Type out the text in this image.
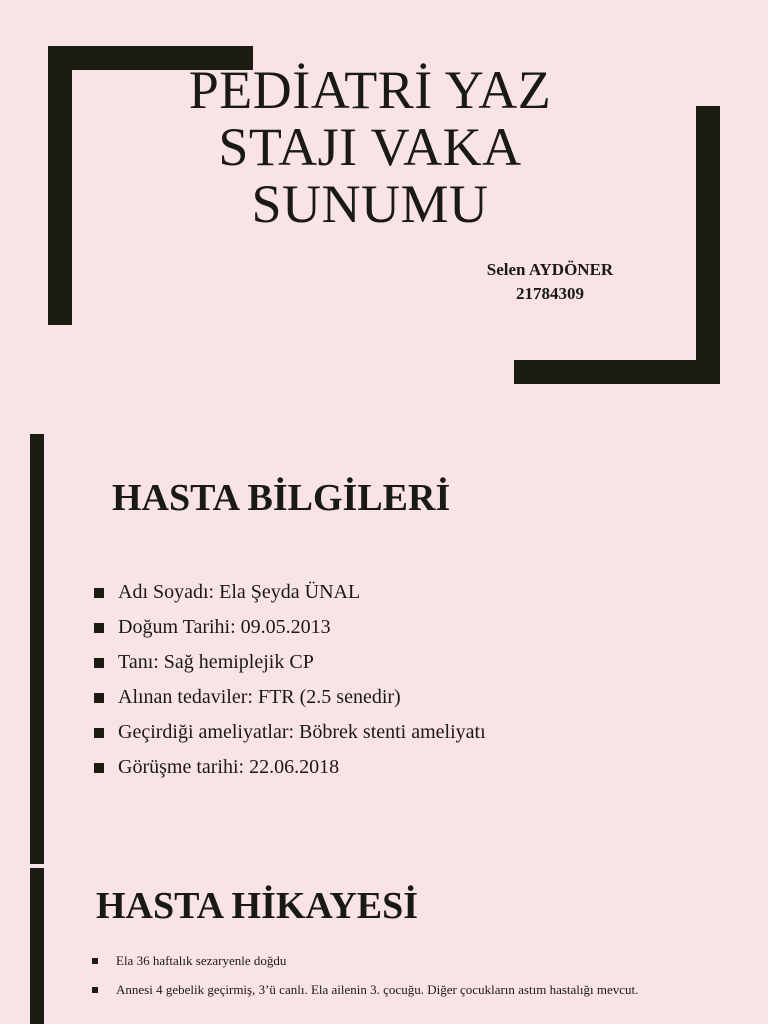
PEDİATRİ YAZ
STAJI VAKA
SUNUMU
Selen AYDÖNER
21784309
HASTA BİLGİLERİ
Adı Soyadı: Ela Şeyda ÜNAL
Doğum Tarihi: 09.05.2013
Tanı: Sağ hemiplejik CP
Alınan tedaviler: FTR (2.5 senedir)
Geçirdiği ameliyatlar: Böbrek stenti ameliyatı
Görüşme tarihi: 22.06.2018
HASTA HİKAYESİ
Ela 36 haftalık sezaryenle doğdu
Annesi 4 gebelik geçirmiş, 3’ü canlı. Ela ailenin 3. çocuğu. Diğer çocukların astım hastalığı mevcut.
